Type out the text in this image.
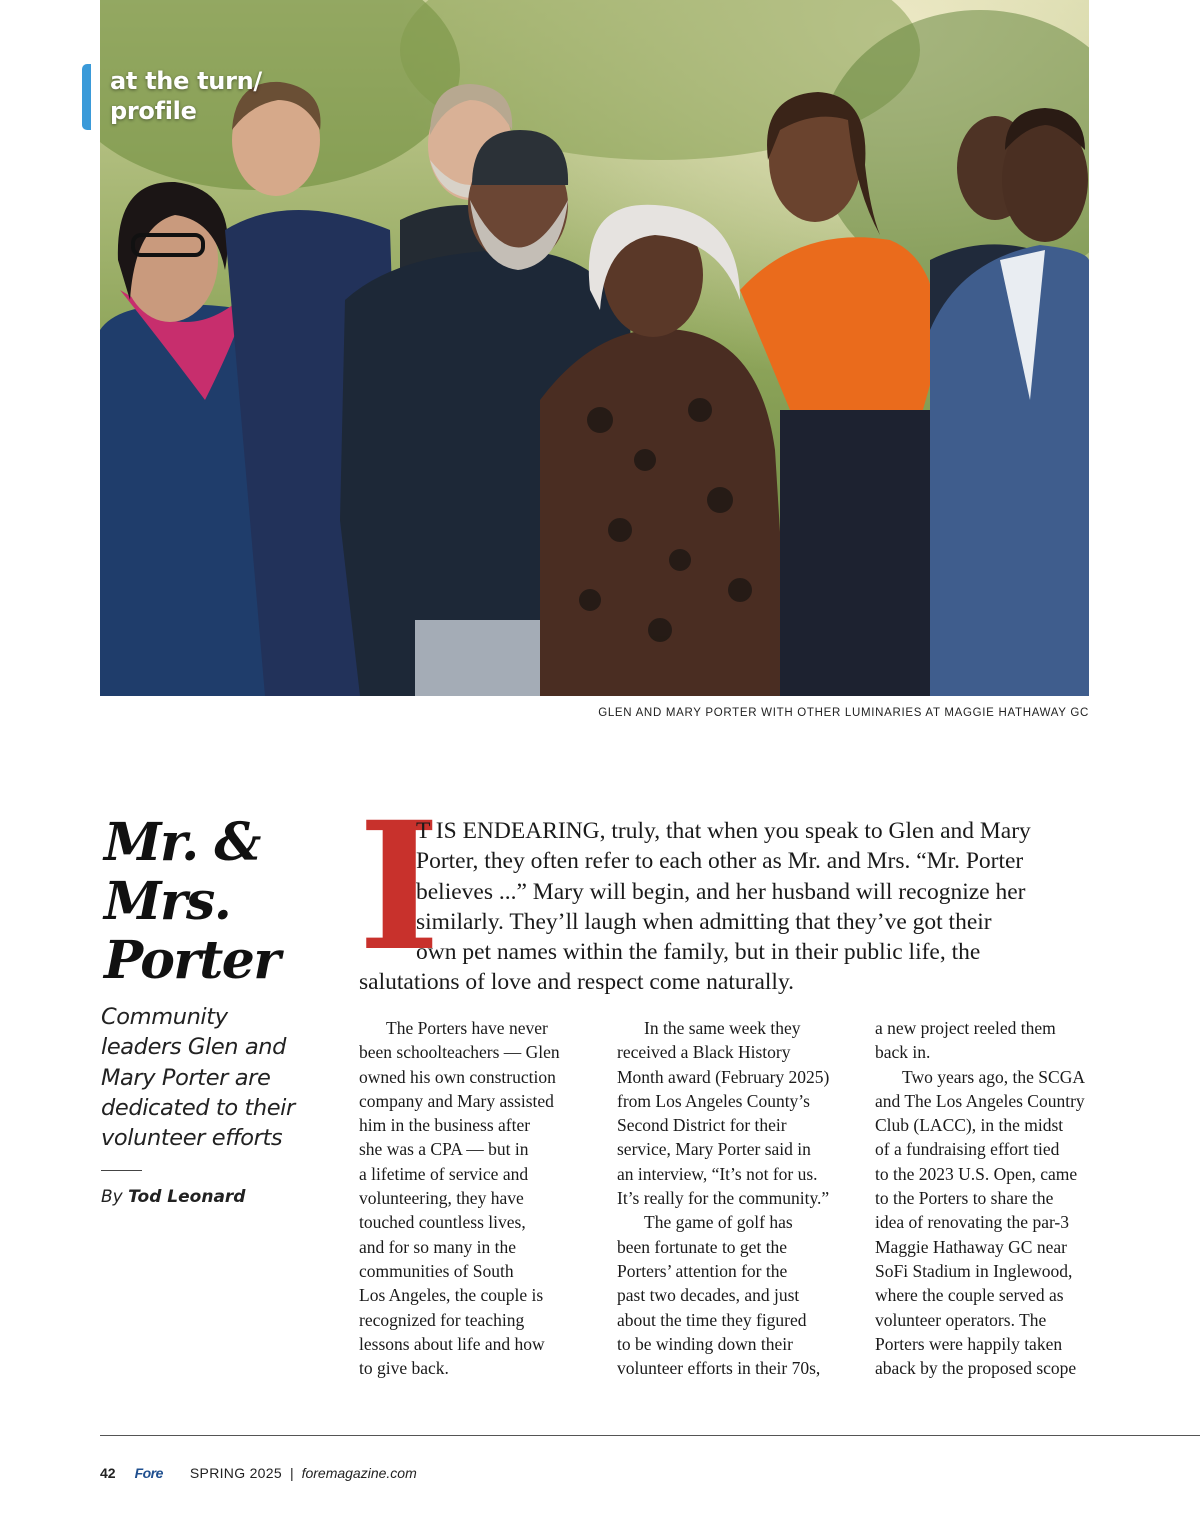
at the turn/
profile
GLEN AND MARY PORTER WITH OTHER LUMINARIES AT MAGGIE HATHAWAY GC
Mr. &
Mrs.
Porter
Community
leaders Glen and
Mary Porter are
dedicated to their
volunteer efforts
By Tod Leonard
I
T IS ENDEARING, truly, that when you speak to Glen and Mary
Porter, they often refer to each other as Mr. and Mrs. “Mr. Porter
believes ...” Mary will begin, and her husband will recognize her
similarly. They’ll laugh when admitting that they’ve got their
own pet names within the family, but in their public life, the
salutations of love and respect come naturally.
The Porters have never
been schoolteachers — Glen
owned his own construction
company and Mary assisted
him in the business after
she was a CPA — but in
a lifetime of service and
volunteering, they have
touched countless lives,
and for so many in the
communities of South
Los Angeles, the couple is
recognized for teaching
lessons about life and how
to give back.
In the same week they
received a Black History
Month award (February 2025)
from Los Angeles County’s
Second District for their
service, Mary Porter said in
an interview, “It’s not for us.
It’s really for the community.”
The game of golf has
been fortunate to get the
Porters’ attention for the
past two decades, and just
about the time they figured
to be winding down their
volunteer efforts in their 70s,
a new project reeled them
back in.
Two years ago, the SCGA
and The Los Angeles Country
Club (LACC), in the midst
of a fundraising effort tied
to the 2023 U.S. Open, came
to the Porters to share the
idea of renovating the par-3
Maggie Hathaway GC near
SoFi Stadium in Inglewood,
where the couple served as
volunteer operators. The
Porters were happily taken
aback by the proposed scope
42 Fore SPRING 2025 | foremagazine.com
